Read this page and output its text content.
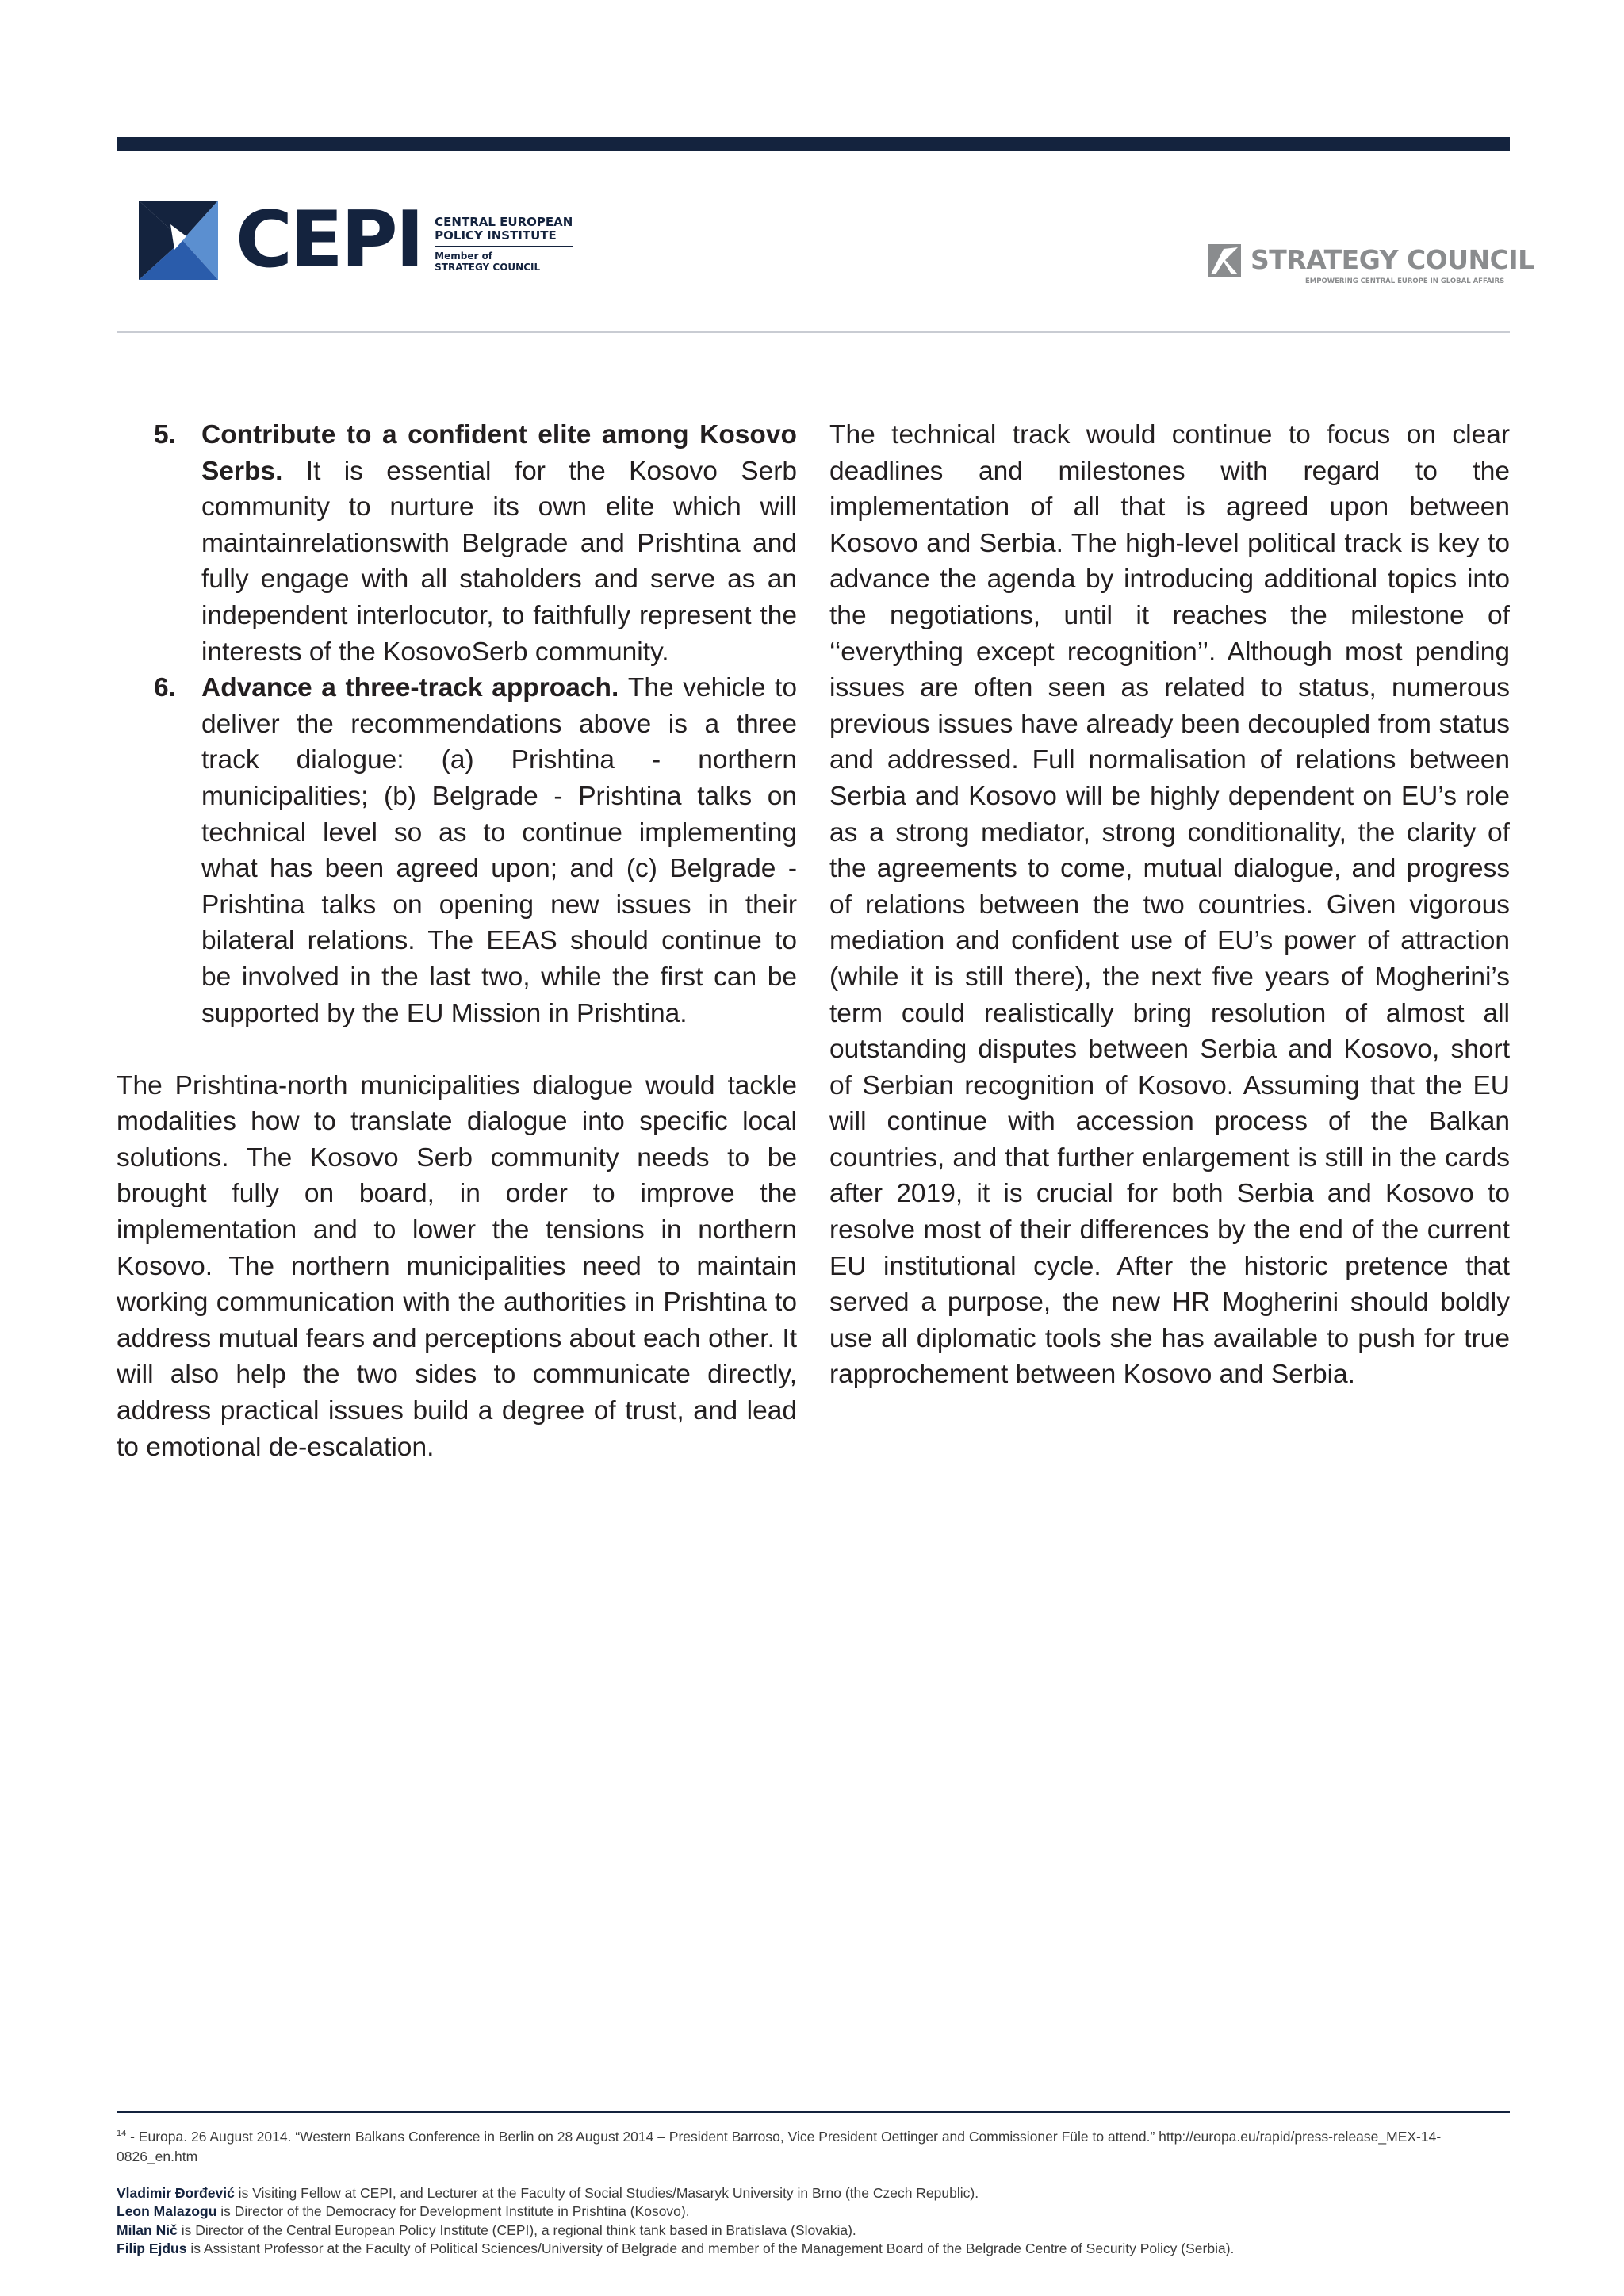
CEPI CENTRAL EUROPEAN
POLICY INSTITUTE
Member of
STRATEGY COUNCIL	STRATEGY COUNCIL
EMPOWERING CENTRAL EUROPE IN GLOBAL AFFAIRS
5. Contribute to a confident elite among Kosovo Serbs. It is essential for the Kosovo Serb community to nurture its own elite which will maintainrelationswith Belgrade and Prishtina and fully engage with all staholders and serve as an independent interlocutor, to faithfully represent the interests of the KosovoSerb community.
6. Advance a three-track approach. The vehicle to deliver the recommendations above is a three track dialogue: (a) Prishtina - northern municipalities; (b) Belgrade - Prishtina talks on technical level so as to continue implementing what has been agreed upon; and (c) Belgrade - Prishtina talks on opening new issues in their bilateral relations. The EEAS should continue to be involved in the last two, while the first can be supported by the EU Mission in Prishtina.

The Prishtina-north municipalities dialogue would tackle modalities how to translate dialogue into specific local solutions. The Kosovo Serb community needs to be brought fully on board, in order to improve the implementation and to lower the tensions in northern Kosovo. The northern municipalities need to maintain working communication with the authorities in Prishtina to address mutual fears and perceptions about each other. It will also help the two sides to communicate directly, address practical issues build a degree of trust, and lead to emotional de-escalation.

The technical track would continue to focus on clear deadlines and milestones with regard to the implementation of all that is agreed upon between Kosovo and Serbia. The high-level political track is key to advance the agenda by introducing additional topics into the negotiations, until it reaches the milestone of ‘‘everything except recognition’’. Although most pending issues are often seen as related to status, numerous previous issues have already been decoupled from status and addressed. Full normalisation of relations between Serbia and Kosovo will be highly dependent on EU’s role as a strong mediator, strong conditionality, the clarity of the agreements to come, mutual dialogue, and progress of relations between the two countries. Given vigorous mediation and confident use of EU’s power of attraction (while it is still there), the next five years of Mogherini’s term could realistically bring resolution of almost all outstanding disputes between Serbia and Kosovo, short of Serbian recognition of Kosovo. Assuming that the EU will continue with accession process of the Balkan countries, and that further enlargement is still in the cards after 2019, it is crucial for both Serbia and Kosovo to resolve most of their differences by the end of the current EU institutional cycle. After the historic pretence that served a purpose, the new HR Mogherini should boldly use all diplomatic tools she has available to push for true rapprochement between Kosovo and Serbia.

$^{14}$ - Europa. 26 August 2014. “Western Balkans Conference in Berlin on 28 August 2014 – President Barroso, Vice President Oettinger and Commissioner Füle to attend.” http://europa.eu/rapid/press-release_MEX-14-0826_en.htm
Vladimir Đorđević is Visiting Fellow at CEPI, and Lecturer at the Faculty of Social Studies/Masaryk University in Brno (the Czech Republic).
Leon Malazogu is Director of the Democracy for Development Institute in Prishtina (Kosovo).
Milan Nič is Director of the Central European Policy Institute (CEPI), a regional think tank based in Bratislava (Slovakia).
Filip Ejdus is Assistant Professor at the Faculty of Political Sciences/University of Belgrade and member of the Management Board of the Belgrade Centre of Security Policy (Serbia).
